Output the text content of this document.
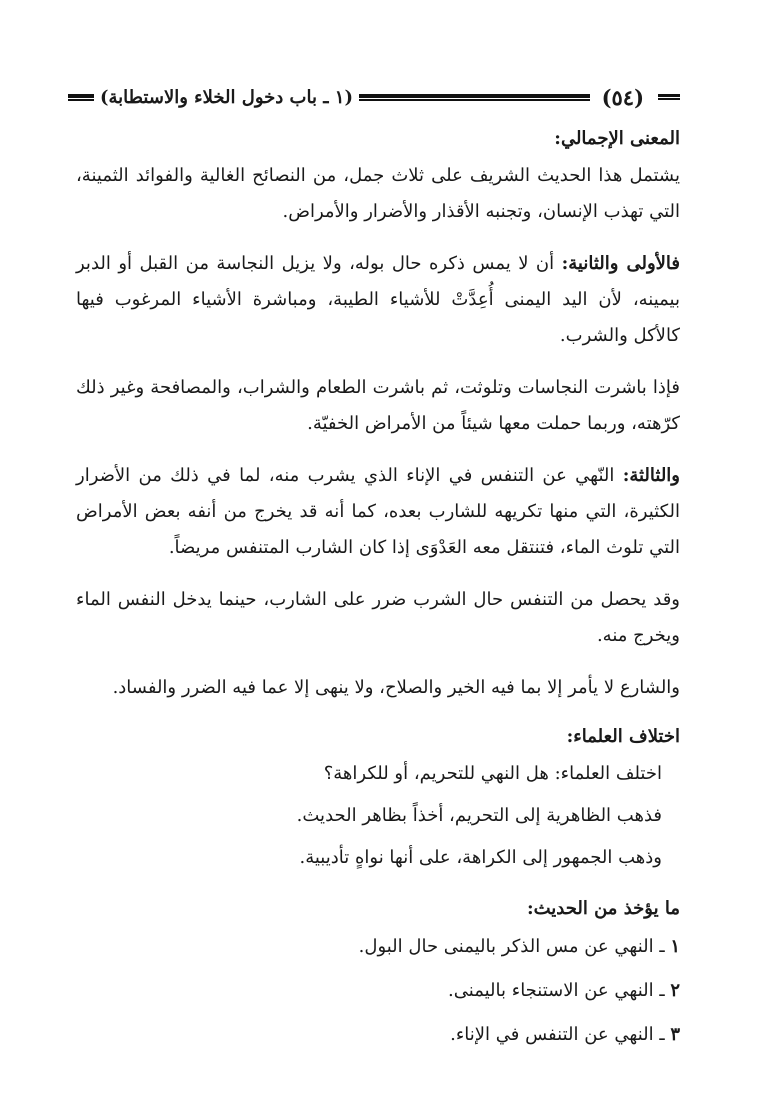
(٥٤)
(١ ـ باب دخول الخلاء والاستطابة)
المعنى الإجمالي:

يشتمل هذا الحديث الشريف على ثلاث جمل، من النصائح الغالية والفوائد الثمينة، التي تهذب الإنسان، وتجنبه الأقذار والأضرار والأمراض.

فالأولى والثانية: أن لا يمس ذكره حال بوله، ولا يزيل النجاسة من القبل أو الدبر بيمينه، لأن اليد اليمنى أُعِدَّتْ للأشياء الطيبة، ومباشرة الأشياء المرغوب فيها كالأكل والشرب.

فإذا باشرت النجاسات وتلوثت، ثم باشرت الطعام والشراب، والمصافحة وغير ذلك كرّهته، وربما حملت معها شيئاً من الأمراض الخفيّة.

والثالثة: النّهي عن التنفس في الإناء الذي يشرب منه، لما في ذلك من الأضرار الكثيرة، التي منها تكريهه للشارب بعده، كما أنه قد يخرج من أنفه بعض الأمراض التي تلوث الماء، فتنتقل معه العَدْوَى إذا كان الشارب المتنفس مريضاً.

وقد يحصل من التنفس حال الشرب ضرر على الشارب، حينما يدخل النفس الماء ويخرج منه.

والشارع لا يأمر إلا بما فيه الخير والصلاح، ولا ينهى إلا عما فيه الضرر والفساد.

اختلاف العلماء:

اختلف العلماء: هل النهي للتحريم، أو للكراهة؟

فذهب الظاهرية إلى التحريم، أخذاً بظاهر الحديث.

وذهب الجمهور إلى الكراهة، على أنها نواهٍ تأديبية.

ما يؤخذ من الحديث:
١ ـ النهي عن مس الذكر باليمنى حال البول.
٢ ـ النهي عن الاستنجاء باليمنى.
٣ ـ النهي عن التنفس في الإناء.
